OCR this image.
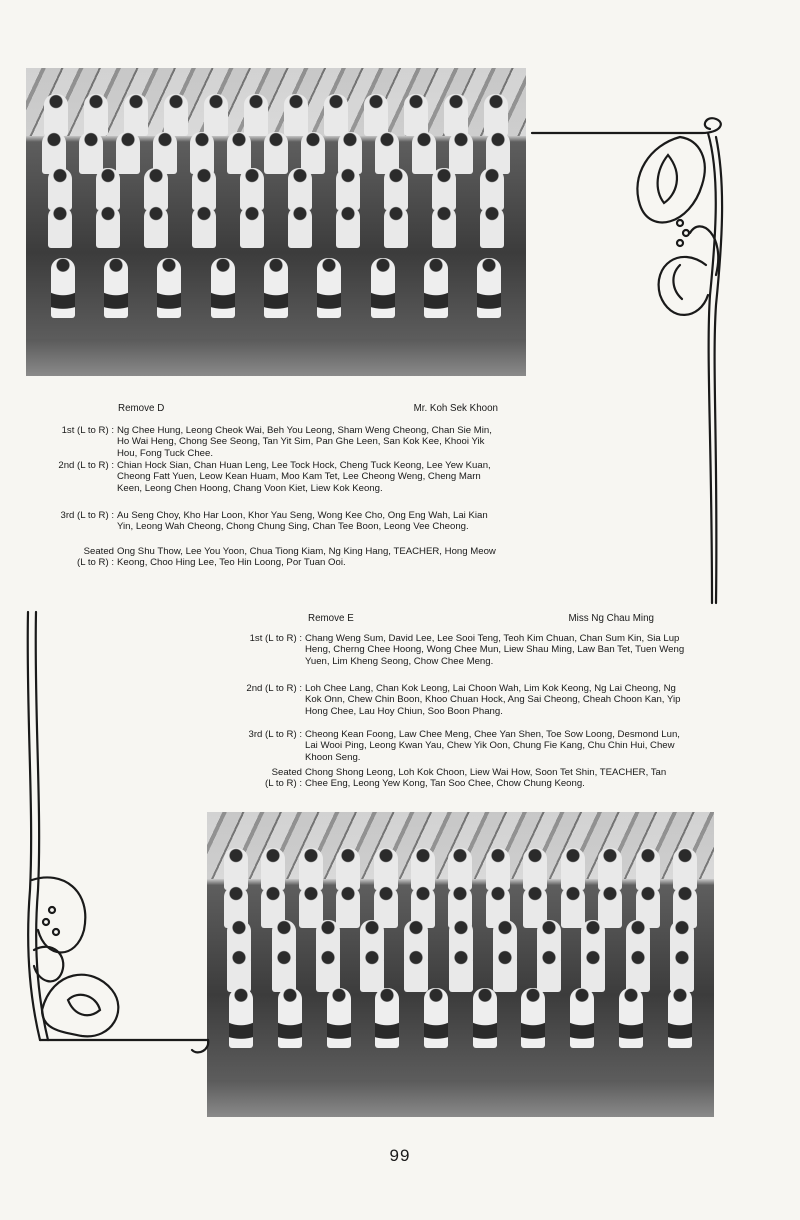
Remove D	Mr. Koh Sek Khoon
1st (L to R) : Ng Chee Hung, Leong Cheok Wai, Beh You Leong, Sham Weng Cheong, Chan Sie Min, Ho Wai Heng, Chong See Seong, Tan Yit Sim, Pan Ghe Leen, San Kok Kee, Khooi Yik Hou, Fong Tuck Chee.
2nd (L to R) : Chian Hock Sian, Chan Huan Leng, Lee Tock Hock, Cheng Tuck Keong, Lee Yew Kuan, Cheong Fatt Yuen, Leow Kean Huam, Moo Kam Tet, Lee Cheong Weng, Cheng Marn Keen, Leong Chen Hoong, Chang Voon Kiet, Liew Kok Keong.
3rd (L to R) : Au Seng Choy, Kho Har Loon, Khor Yau Seng, Wong Kee Cho, Ong Eng Wah, Lai Kian Yin, Leong Wah Cheong, Chong Chung Sing, Chan Tee Boon, Leong Vee Cheong.
Seated
(L to R) :
Ong Shu Thow, Lee You Yoon, Chua Tiong Kiam, Ng King Hang, TEACHER, Hong Meow Keong, Choo Hing Lee, Teo Hin Loong, Por Tuan Ooi.
Remove E	Miss Ng Chau Ming
1st (L to R) : Chang Weng Sum, David Lee, Lee Sooi Teng, Teoh Kim Chuan, Chan Sum Kin, Sia Lup Heng, Cherng Chee Hoong, Wong Chee Mun, Liew Shau Ming, Law Ban Tet, Tuen Weng Yuen, Lim Kheng Seong, Chow Chee Meng.
2nd (L to R) : Loh Chee Lang, Chan Kok Leong, Lai Choon Wah, Lim Kok Keong, Ng Lai Cheong, Ng Kok Onn, Chew Chin Boon, Khoo Chuan Hock, Ang Sai Cheong, Cheah Choon Kan, Yip Hong Chee, Lau Hoy Chiun, Soo Boon Phang.
3rd (L to R) : Cheong Kean Foong, Law Chee Meng, Chee Yan Shen, Toe Sow Loong, Desmond Lun, Lai Wooi Ping, Leong Kwan Yau, Chew Yik Oon, Chung Fie Kang, Chu Chin Hui, Chew Khoon Seng.
Seated
(L to R) :
Chong Shong Leong, Loh Kok Choon, Liew Wai How, Soon Tet Shin, TEACHER, Tan Chee Eng, Leong Yew Kong, Tan Soo Chee, Chow Chung Keong.
99
